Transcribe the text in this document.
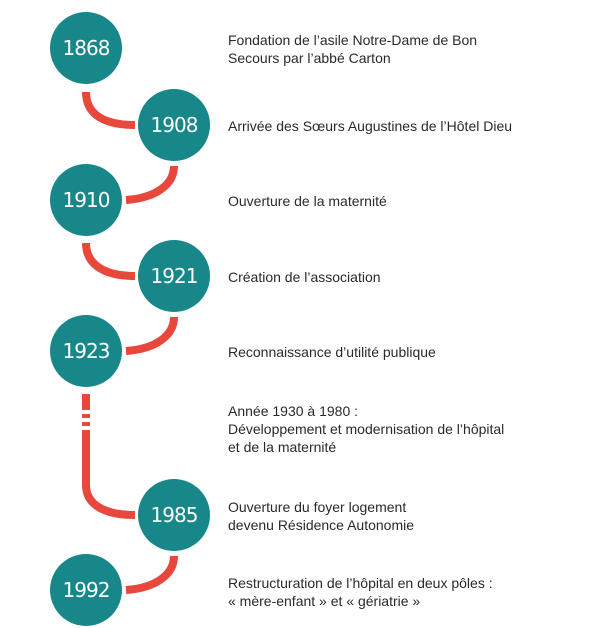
1868
1908
1910
1921
1923
1985
1992
Fondation de l’asile Notre-Dame de Bon
Secours par l’abbé Carton
Arrivée des Sœurs Augustines de l’Hôtel Dieu
Ouverture de la maternité
Création de l’association
Reconnaissance d’utilité publique
Année 1930 à 1980 :
Développement et modernisation de l’hôpital
et de la maternité
Ouverture du foyer logement
devenu Résidence Autonomie
Restructuration de l’hôpital en deux pôles :
« mère-enfant » et « gériatrie »
